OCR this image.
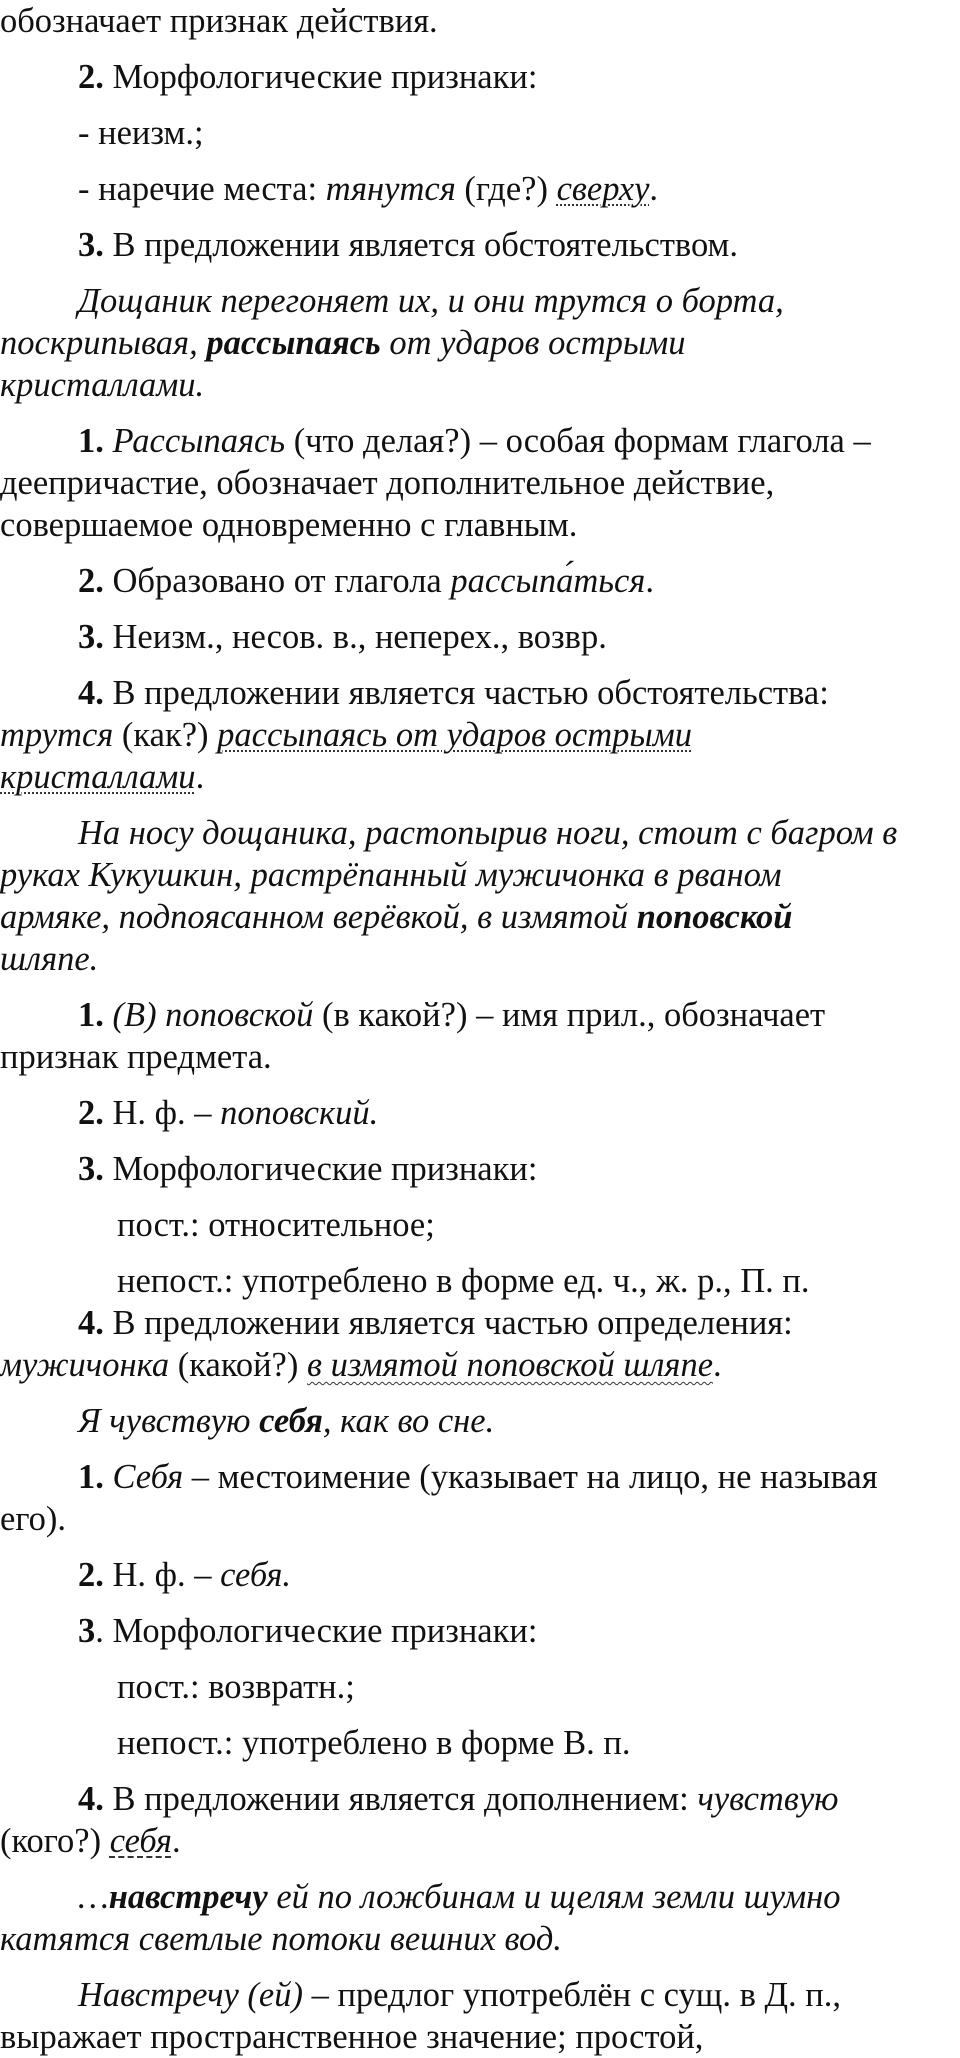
обозначает признак действия.
2. Морфологические признаки:
- неизм.;
- наречие места: тянутся (где?) сверху.
3. В предложении является обстоятельством.
Дощаник перегоняет их, и они трутся о борта,
поскрипывая, рассыпаясь от ударов острыми
кристаллами.
1. Рассыпаясь (что делая?) – особая формам глагола –
деепричастие, обозначает дополнительное действие,
совершаемое одновременно с главным.
2. Образовано от глагола рассыпа́ться.
3. Неизм., несов. в., неперех., возвр.
4. В предложении является частью обстоятельства:
трутся (как?) рассыпаясь от ударов острыми
кристаллами.
На носу дощаника, растопырив ноги, стоит с багром в
руках Кукушкин, растрёпанный мужичонка в рваном
армяке, подпоясанном верёвкой, в измятой поповской
шляпе.
1. (В) поповской (в какой?) – имя прил., обозначает
признак предмета.
2. Н. ф. – поповский.
3. Морфологические признаки:
пост.: относительное;
непост.: употреблено в форме ед. ч., ж. р., П. п.
4. В предложении является частью определения:
мужичонка (какой?) в измятой поповской шляпе.
Я чувствую себя, как во сне.
1. Себя – местоимение (указывает на лицо, не называя
его).
2. Н. ф. – себя.
3. Морфологические признаки:
пост.: возвратн.;
непост.: употреблено в форме В. п.
4. В предложении является дополнением: чувствую
(кого?) себя.
…навстречу ей по ложбинам и щелям земли шумно
катятся светлые потоки вешних вод.
Навстречу (ей) – предлог употреблён с сущ. в Д. п.,
выражает пространственное значение; простой,
